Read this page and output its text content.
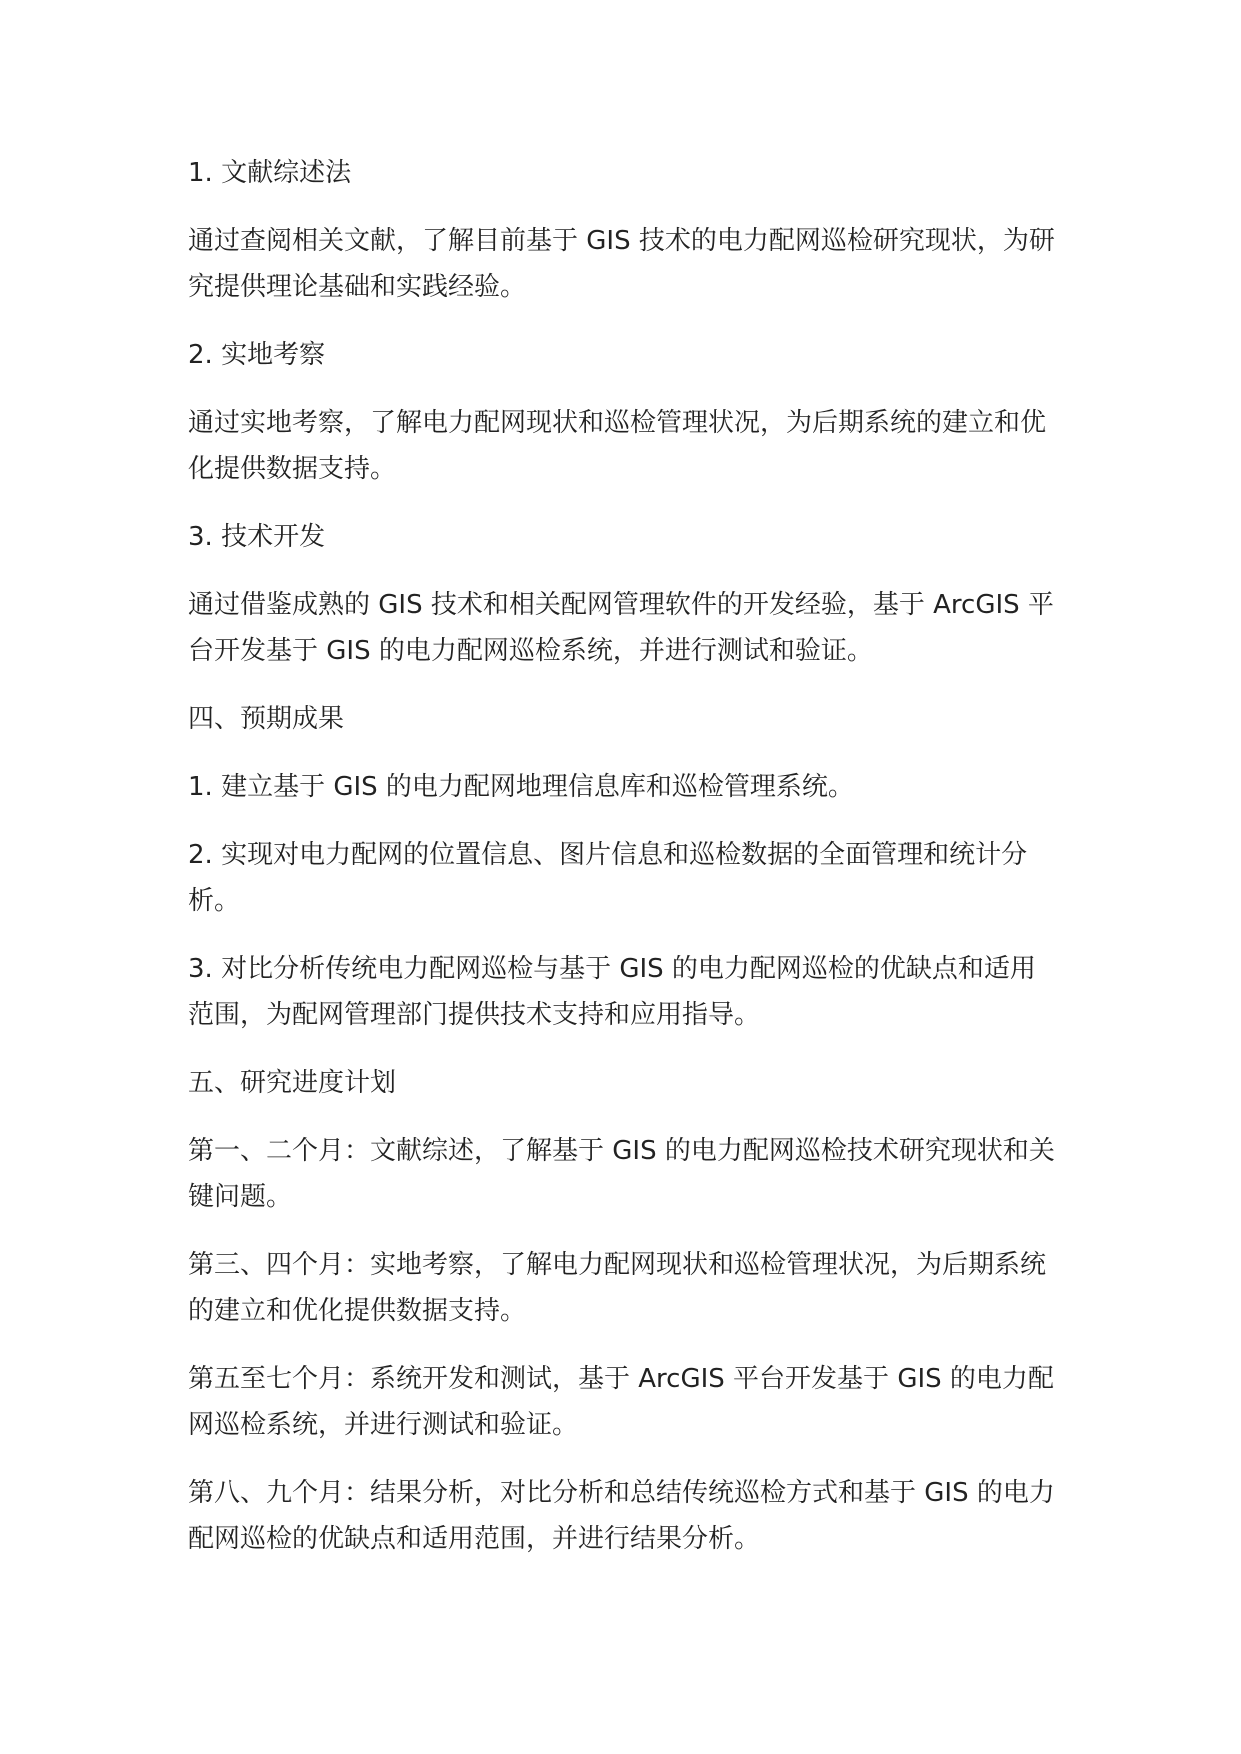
1. 文献综述法

通过查阅相关文献，了解目前基于 GIS 技术的电力配网巡检研究现状，为研究提供理论基础和实践经验。

2. 实地考察

通过实地考察，了解电力配网现状和巡检管理状况，为后期系统的建立和优化提供数据支持。

3. 技术开发

通过借鉴成熟的 GIS 技术和相关配网管理软件的开发经验，基于 ArcGIS 平台开发基于 GIS 的电力配网巡检系统，并进行测试和验证。

四、预期成果

1. 建立基于 GIS 的电力配网地理信息库和巡检管理系统。

2. 实现对电力配网的位置信息、图片信息和巡检数据的全面管理和统计分析。

3. 对比分析传统电力配网巡检与基于 GIS 的电力配网巡检的优缺点和适用范围，为配网管理部门提供技术支持和应用指导。

五、研究进度计划

第一、二个月：文献综述，了解基于 GIS 的电力配网巡检技术研究现状和关键问题。

第三、四个月：实地考察，了解电力配网现状和巡检管理状况，为后期系统的建立和优化提供数据支持。

第五至七个月：系统开发和测试，基于 ArcGIS 平台开发基于 GIS 的电力配网巡检系统，并进行测试和验证。

第八、九个月：结果分析，对比分析和总结传统巡检方式和基于 GIS 的电力配网巡检的优缺点和适用范围，并进行结果分析。
